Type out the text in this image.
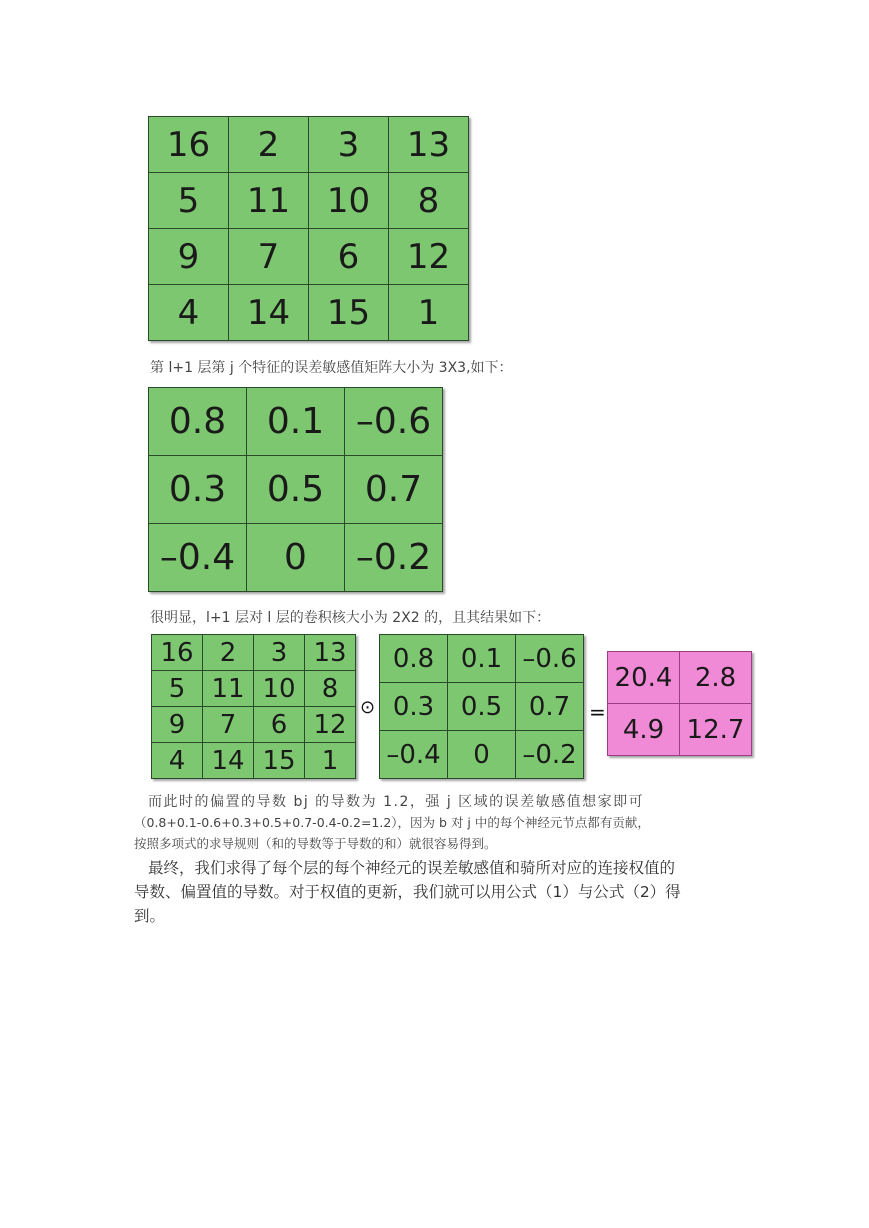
16	2	3	13
5	11	10	8
9	7	6	12
4	14	15	1
第 l+1 层第 j 个特征的误差敏感值矩阵大小为 3X3,如下：
0.8	0.1	–0.6
0.3	0.5	0.7
–0.4	0	–0.2
很明显，l+1 层对 l 层的卷积核大小为 2X2 的，且其结果如下：
16	2	3	13
5	11	10	8
9	7	6	12
4	14	15	1
⊙
0.8	0.1	–0.6
0.3	0.5	0.7
–0.4	0	–0.2
=
20.4	2.8
4.9	12.7
而此时的偏置的导数 bj 的导数为 1.2，强 j 区域的误差敏感值想家即可
（0.8+0.1-0.6+0.3+0.5+0.7-0.4-0.2=1.2），因为 b 对 j 中的每个神经元节点都有贡献，
按照多项式的求导规则（和的导数等于导数的和）就很容易得到。
最终，我们求得了每个层的每个神经元的误差敏感值和骑所对应的连接权值的
导数、偏置值的导数。对于权值的更新，我们就可以用公式（1）与公式（2）得
到。
